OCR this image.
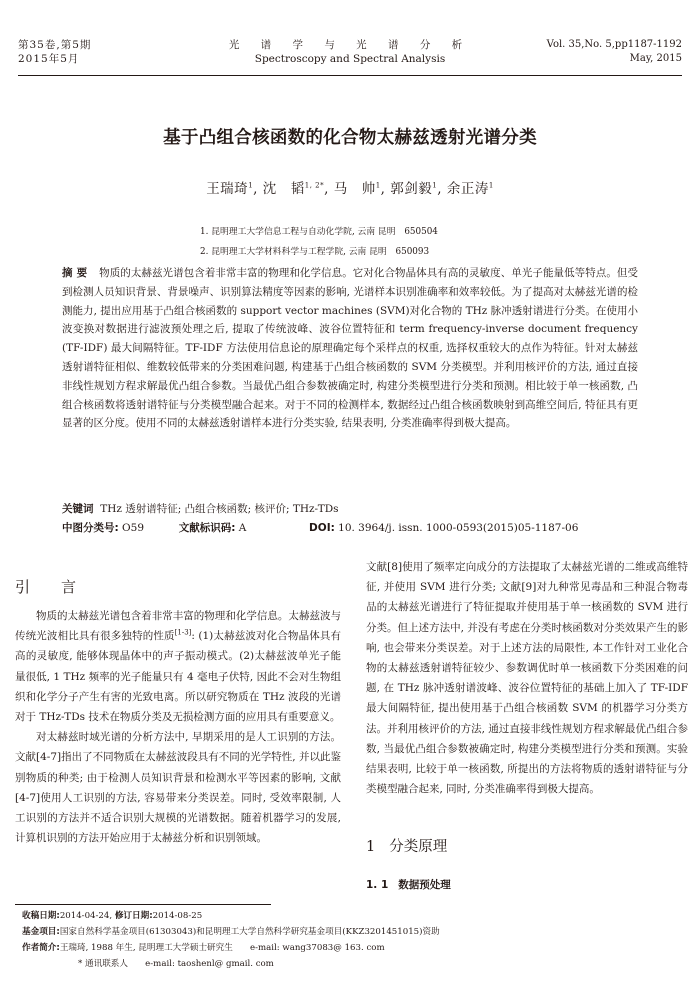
第35卷,第5期
2015年5月
光 谱 学 与 光 谱 分 析
Spectroscopy and Spectral Analysis
Vol. 35,No. 5,pp1187-1192
May, 2015
基于凸组合核函数的化合物太赫兹透射光谱分类
王瑞琦$^1$, 沈　韬$^{1, 2*}$, 马　帅$^1$, 郭剑毅$^1$, 余正涛$^1$
1. 昆明理工大学信息工程与自动化学院, 云南 昆明　650504
2. 昆明理工大学材料科学与工程学院, 云南 昆明　650093
摘要 物质的太赫兹光谱包含着非常丰富的物理和化学信息。它对化合物晶体具有高的灵敏度、单光子能量低等特点。但受到检测人员知识背景、背景噪声、识别算法精度等因素的影响, 光谱样本识别准确率和效率较低。为了提高对太赫兹光谱的检测能力, 提出应用基于凸组合核函数的 support vector machines (SVM)对化合物的 THz 脉冲透射谱进行分类。在使用小波变换对数据进行滤波预处理之后, 提取了传统波峰、波谷位置特征和 term frequency-inverse document frequency (TF-IDF) 最大间隔特征。TF-IDF 方法使用信息论的原理确定每个采样点的权重, 选择权重较大的点作为特征。针对太赫兹透射谱特征相似、维数较低带来的分类困难问题, 构建基于凸组合核函数的 SVM 分类模型。并利用核评价的方法, 通过直接非线性规划方程求解最优凸组合参数。当最优凸组合参数被确定时, 构建分类模型进行分类和预测。相比较于单一核函数, 凸组合核函数将透射谱特征与分类模型融合起来。对于不同的检测样本, 数据经过凸组合核函数映射到高维空间后, 特征具有更显著的区分度。使用不同的太赫兹透射谱样本进行分类实验, 结果表明, 分类准确率得到极大提高。
关键词 THz 透射谱特征; 凸组合核函数; 核评价; THz-TDs
中图分类号: O59	文献标识码: A	DOI: 10. 3964/j. issn. 1000-0593(2015)05-1187-06
引　言

物质的太赫兹光谱包含着非常丰富的物理和化学信息。太赫兹波与传统光波相比具有很多独特的性质[1-3]: (1)太赫兹波对化合物晶体具有高的灵敏度, 能够体现晶体中的声子振动模式。(2)太赫兹波单光子能量很低, 1 THz 频率的光子能量只有 4 毫电子伏特, 因此不会对生物组织和化学分子产生有害的光致电离。所以研究物质在 THz 波段的光谱对于 THz-TDs 技术在物质分类及无损检测方面的应用具有重要意义。

对太赫兹时域光谱的分析方法中, 早期采用的是人工识别的方法。文献[4-7]指出了不同物质在太赫兹波段具有不同的光学特性, 并以此鉴别物质的种类; 由于检测人员知识背景和检测水平等因素的影响, 文献[4-7]使用人工识别的方法, 容易带来分类误差。同时, 受效率限制, 人工识别的方法并不适合识别大规模的光谱数据。随着机器学习的发展, 计算机识别的方法开始应用于太赫兹分析和识别领域。

文献[8]使用了频率定向成分的方法提取了太赫兹光谱的二维或高维特征, 并使用 SVM 进行分类; 文献[9]对九种常见毒品和三种混合物毒品的太赫兹光谱进行了特征提取并使用基于单一核函数的 SVM 进行分类。但上述方法中, 并没有考虑在分类时核函数对分类效果产生的影响, 也会带来分类误差。对于上述方法的局限性, 本工作针对工业化合物的太赫兹透射谱特征较少、参数调优时单一核函数下分类困难的问题, 在 THz 脉冲透射谱波峰、波谷位置特征的基础上加入了 TF-IDF 最大间隔特征, 提出使用基于凸组合核函数 SVM 的机器学习分类方法。并利用核评价的方法, 通过直接非线性规划方程求解最优凸组合参数, 当最优凸组合参数被确定时, 构建分类模型进行分类和预测。实验结果表明, 比较于单一核函数, 所提出的方法将物质的透射谱特征与分类模型融合起来, 同时, 分类准确率得到极大提高。

1 分类原理
1. 1 数据预处理
收稿日期:2014-04-24, 修订日期:2014-08-25
基金项目:国家自然科学基金项目(61303043)和昆明理工大学自然科学研究基金项目(KKZ3201451015)资助
作者简介:王瑞琦, 1988 年生, 昆明理工大学硕士研究生　　e-mail: wang37083@ 163. com
* 通讯联系人　　e-mail: taoshenl@ gmail. com
